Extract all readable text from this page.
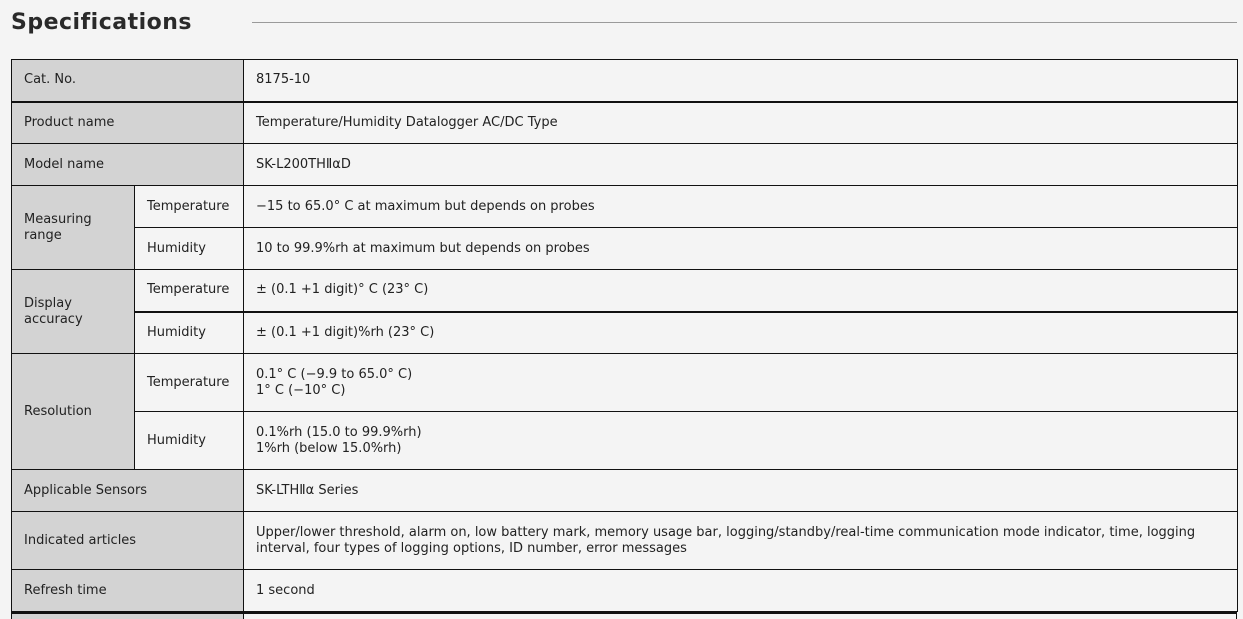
Specifications
Cat. No.		8175-10
Product name		Temperature/Humidity Datalogger AC/DC Type
Model name		SK-L200THⅡαD
Measuring range	Temperature	−15 to 65.0° C at maximum but depends on probes
	Humidity	10 to 99.9%rh at maximum but depends on probes
Display accuracy	Temperature	± (0.1 +1 digit)° C (23° C)
	Humidity	± (0.1 +1 digit)%rh (23° C)
Resolution	Temperature	0.1° C (−9.9 to 65.0° C)
1° C (−10° C)

	Humidity	0.1%rh (15.0 to 99.9%rh)
1%rh (below 15.0%rh)

Applicable Sensors		SK-LTHⅡα Series
Indicated articles		Upper/lower threshold, alarm on, low battery mark, memory usage bar, logging/standby/real-time communication mode indicator, time, logging interval, four types of logging options, ID number, error messages
Refresh time		1 second
